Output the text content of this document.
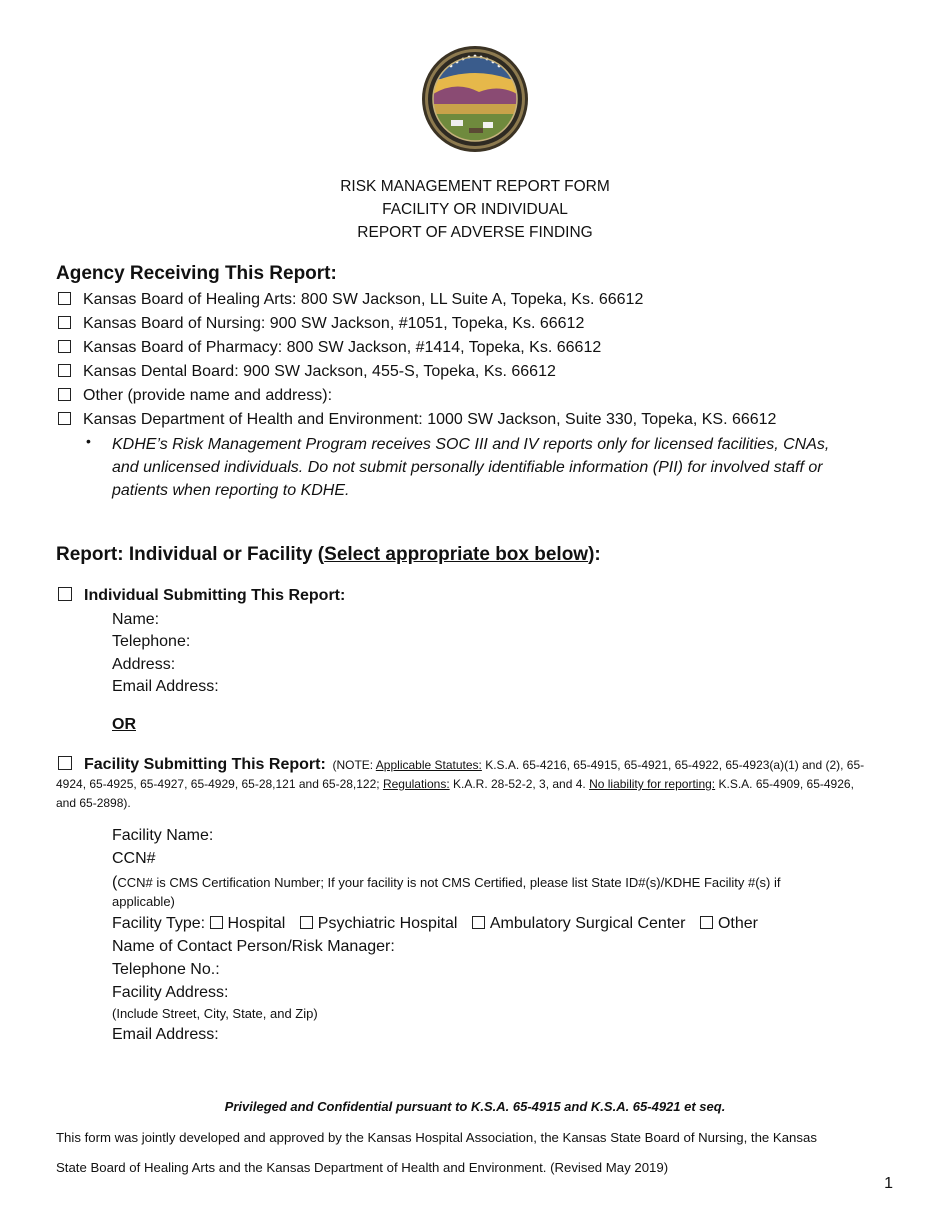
RISK MANAGEMENT REPORT FORM
FACILITY OR INDIVIDUAL
REPORT OF ADVERSE FINDING
Agency Receiving This Report:
Kansas Board of Healing Arts: 800 SW Jackson, LL Suite A, Topeka, Ks. 66612
Kansas Board of Nursing: 900 SW Jackson, #1051, Topeka, Ks. 66612
Kansas Board of Pharmacy: 800 SW Jackson, #1414, Topeka, Ks. 66612
Kansas Dental Board: 900 SW Jackson, 455-S, Topeka, Ks. 66612
Other (provide name and address):
Kansas Department of Health and Environment: 1000 SW Jackson, Suite 330, Topeka, KS. 66612
• KDHE’s Risk Management Program receives SOC III and IV reports only for licensed facilities, CNAs,
and unlicensed individuals. Do not submit personally identifiable information (PII) for involved staff or
patients when reporting to KDHE.
Report: Individual or Facility (Select appropriate box below):
Individual Submitting This Report:
Name:
Telephone:
Address:
Email Address:
OR
Facility Submitting This Report: (NOTE: Applicable Statutes: K.S.A. 65-4216, 65-4915, 65-4921, 65-4922, 65-4923(a)(1) and (2), 65-
4924, 65-4925, 65-4927, 65-4929, 65-28,121 and 65-28,122; Regulations: K.A.R. 28-52-2, 3, and 4. No liability for reporting: K.S.A. 65-4909, 65-4926,
and 65-2898).
Facility Name:
CCN#
(CCN# is CMS Certification Number; If your facility is not CMS Certified, please list State ID#(s)/KDHE Facility #(s) if
applicable)
Facility Type: Hospital Psychiatric Hospital Ambulatory Surgical Center Other
Name of Contact Person/Risk Manager:
Telephone No.:
Facility Address:
(Include Street, City, State, and Zip)
Email Address:
Privileged and Confidential pursuant to K.S.A. 65-4915 and K.S.A. 65-4921 et seq.
This form was jointly developed and approved by the Kansas Hospital Association, the Kansas State Board of Nursing, the Kansas
State Board of Healing Arts and the Kansas Department of Health and Environment. (Revised May 2019)
1
